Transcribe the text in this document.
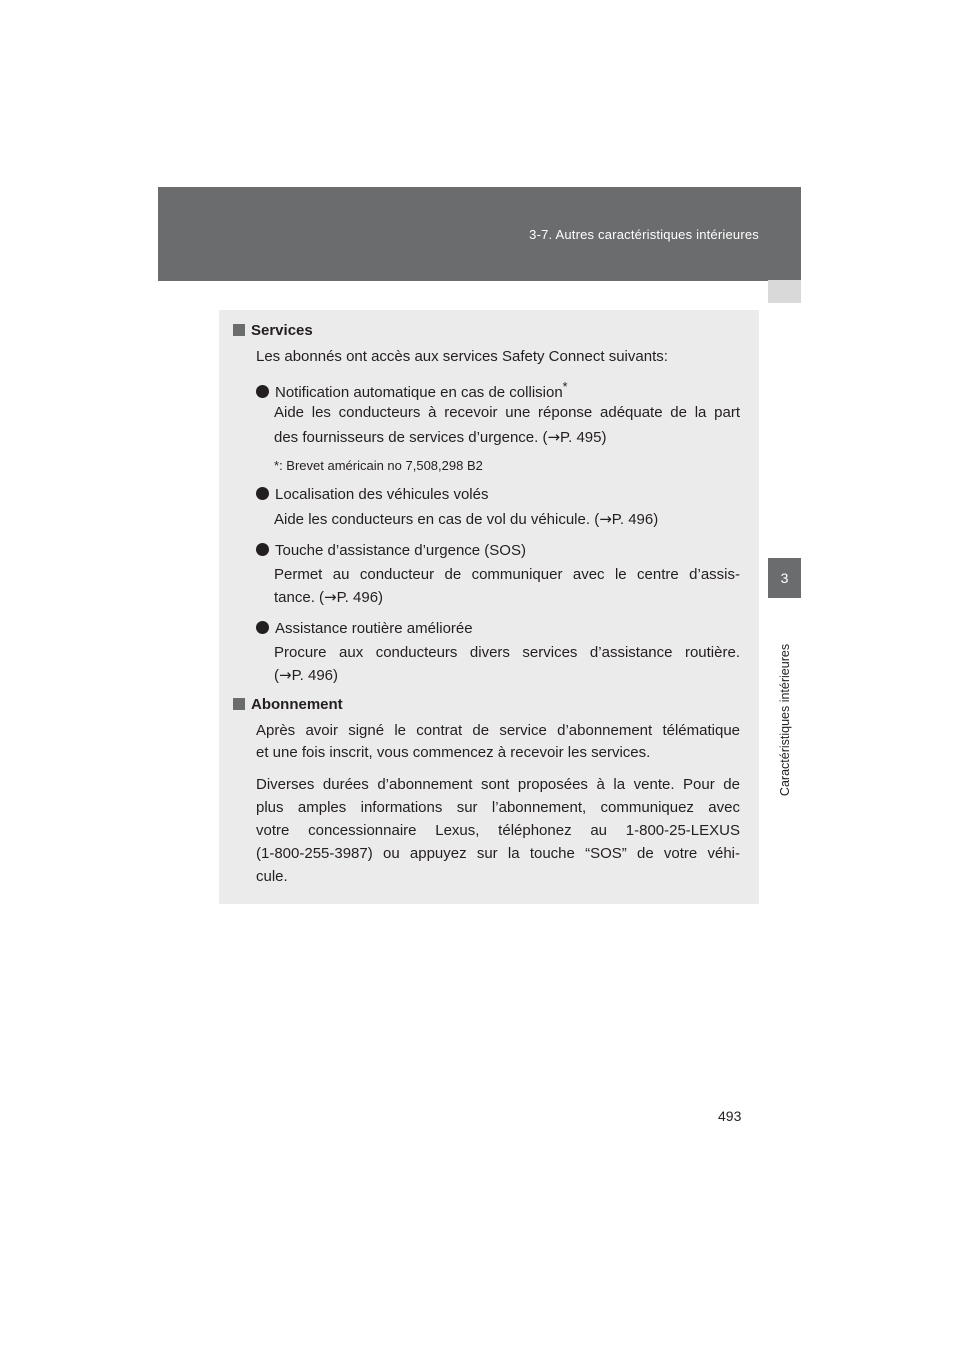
3-7. Autres caractéristiques intérieures
3
Caractéristiques intérieures
Services
Les abonnés ont accès aux services Safety Connect suivants:
Notification automatique en cas de collision*
Aide les conducteurs à recevoir une réponse adéquate de la part
des fournisseurs de services d’urgence. (→P. 495)
*: Brevet américain no 7,508,298 B2
Localisation des véhicules volés
Aide les conducteurs en cas de vol du véhicule. (→P. 496)
Touche d’assistance d’urgence (SOS)
Permet au conducteur de communiquer avec le centre d’assis-
tance. (→P. 496)
Assistance routière améliorée
Procure aux conducteurs divers services d’assistance routière.
(→P. 496)
Abonnement
Après avoir signé le contrat de service d’abonnement télématique
et une fois inscrit, vous commencez à recevoir les services.
Diverses durées d’abonnement sont proposées à la vente. Pour de
plus amples informations sur l’abonnement, communiquez avec
votre concessionnaire Lexus, téléphonez au 1-800-25-LEXUS
(1-800-255-3987) ou appuyez sur la touche “SOS” de votre véhi-
cule.
493
